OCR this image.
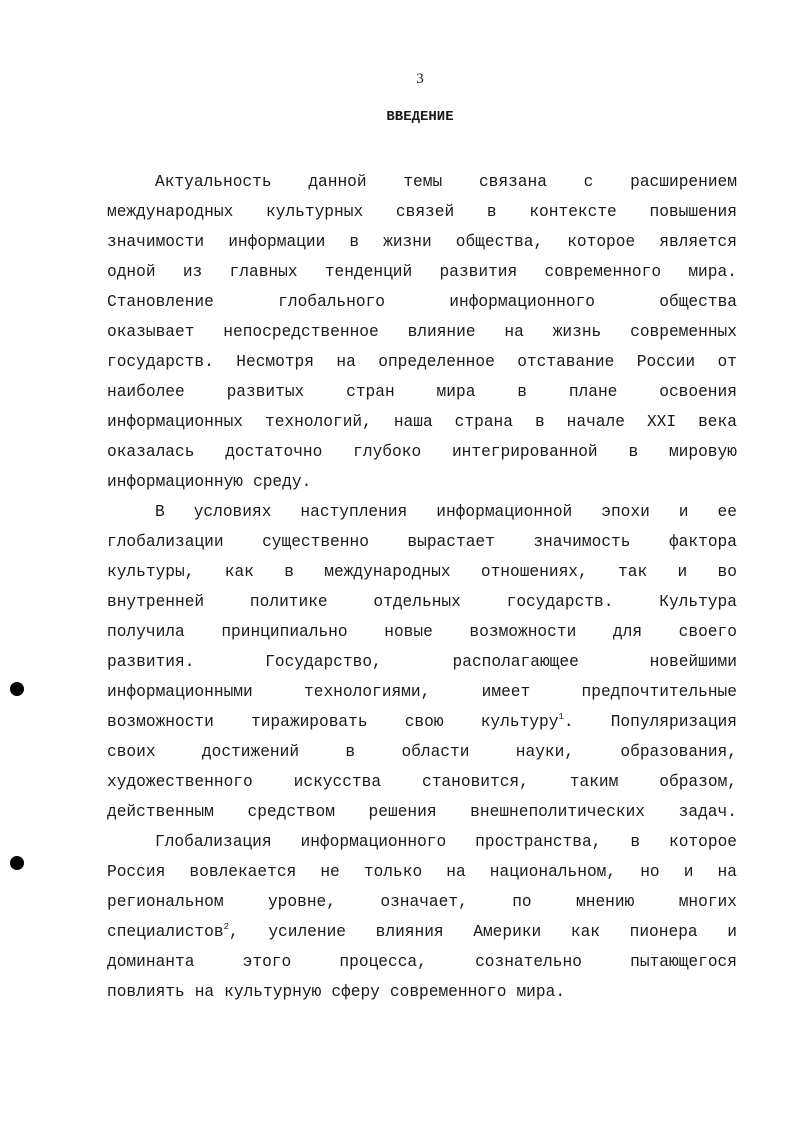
3
ВВЕДЕНИЕ
Актуальность данной темы связана с расширением
международных культурных связей в контексте повышения
значимости информации в жизни общества, которое является
одной из главных тенденций развития современного мира.
Становление	глобального	информационного	общества
оказывает непосредственное влияние на жизнь современных
государств. Несмотря на определенное отставание России от
наиболее	развитых	стран	мира	в	плане	освоения
информационных технологий, наша страна в начале XXI века
оказалась достаточно глубоко интегрированной в мировую
информационную среду.
В условиях наступления информационной эпохи и ее
глобализации существенно вырастает значимость фактора
культуры, как в международных отношениях, так и во
внутренней	политике	отдельных	государств.	Культура
получила принципиально новые возможности для своего
развития.	Государство,	располагающее	новейшими
информационными	технологиями,	имеет	предпочтительные
возможности тиражировать свою культуру$^1$. Популяризация
своих	достижений	в	области	науки,	образования,
художественного	искусства	становится,	таким	образом,
действенным средством решения внешнеполитических задач.
Глобализация информационного пространства, в которое
Россия вовлекается не только на национальном, но и на
региональном	уровне,	означает,	по	мнению	многих
специалистов$^2$, усиление влияния Америки как пионера и
доминанта	этого	процесса,	сознательно	пытающегося
повлиять на культурную сферу современного мира.
